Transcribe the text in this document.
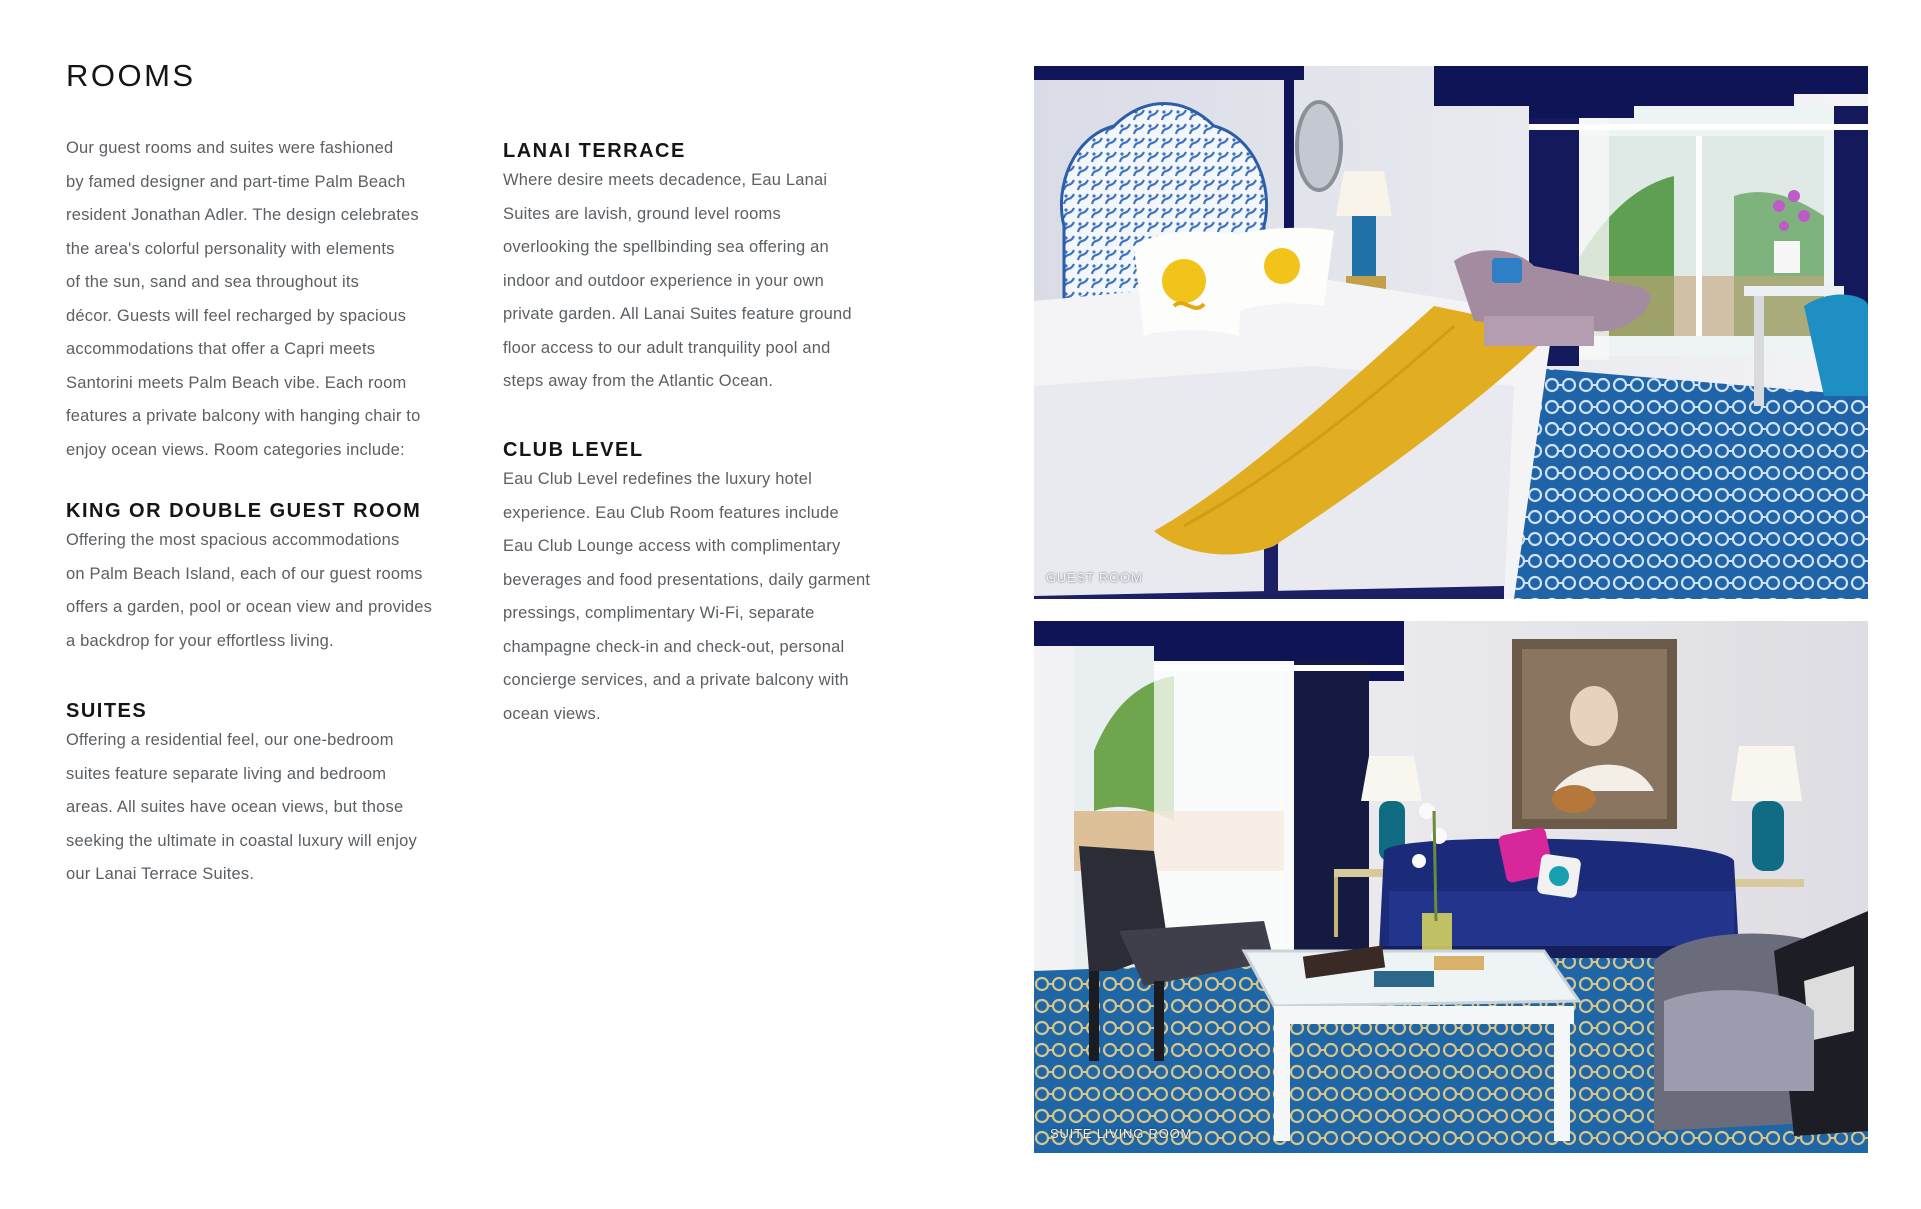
ROOMS

Our guest rooms and suites were fashioned
by famed designer and part-time Palm Beach
resident Jonathan Adler. The design celebrates
the area's colorful personality with elements
of the sun, sand and sea throughout its
décor. Guests will feel recharged by spacious
accommodations that offer a Capri meets
Santorini meets Palm Beach vibe. Each room
features a private balcony with hanging chair to
enjoy ocean views. Room categories include:

KING OR DOUBLE GUEST ROOM

Offering the most spacious accommodations
on Palm Beach Island, each of our guest rooms
offers a garden, pool or ocean view and provides
a backdrop for your effortless living.

SUITES

Offering a residential feel, our one-bedroom
suites feature separate living and bedroom
areas. All suites have ocean views, but those
seeking the ultimate in coastal luxury will enjoy
our Lanai Terrace Suites.

LANAI TERRACE

Where desire meets decadence, Eau Lanai
Suites are lavish, ground level rooms
overlooking the spellbinding sea offering an
indoor and outdoor experience in your own
private garden. All Lanai Suites feature ground
floor access to our adult tranquility pool and
steps away from the Atlantic Ocean.

CLUB LEVEL

Eau Club Level redefines the luxury hotel
experience. Eau Club Room features include
Eau Club Lounge access with complimentary
beverages and food presentations, daily garment
pressings, complimentary Wi-Fi, separate
champagne check-in and check-out, personal
concierge services, and a private balcony with
ocean views.

GUEST ROOM
SUITE LIVING ROOM
